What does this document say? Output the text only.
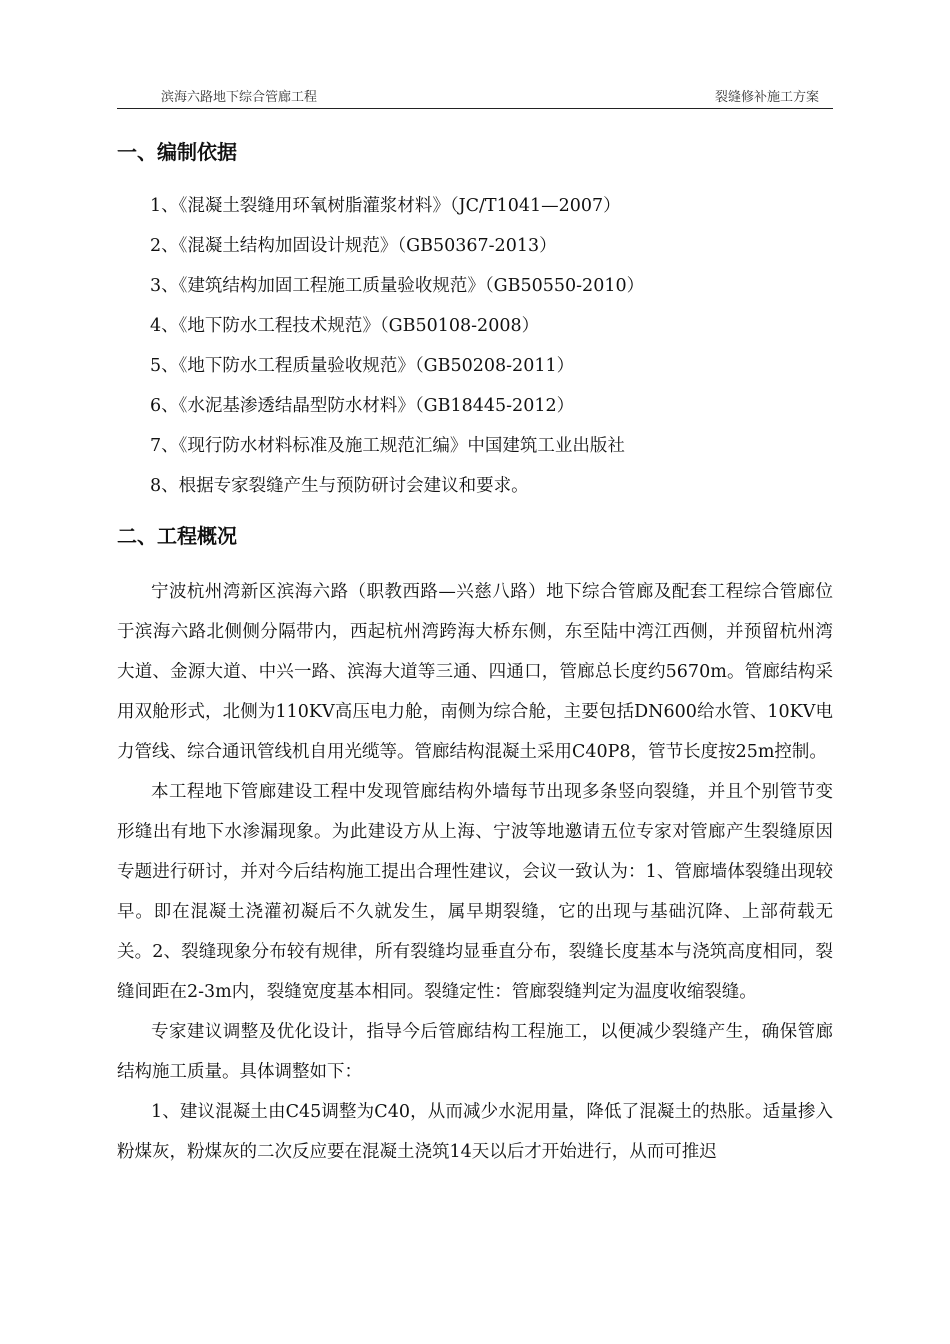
滨海六路地下综合管廊工程	裂缝修补施工方案
一、编制依据
1、《混凝土裂缝用环氧树脂灌浆材料》（JC/T1041—2007）
2、《混凝土结构加固设计规范》（GB50367-2013）
3、《建筑结构加固工程施工质量验收规范》（GB50550-2010）
4、《地下防水工程技术规范》（GB50108-2008）
5、《地下防水工程质量验收规范》（GB50208-2011）
6、《水泥基渗透结晶型防水材料》（GB18445-2012）
7、《现行防水材料标准及施工规范汇编》中国建筑工业出版社
8、根据专家裂缝产生与预防研讨会建议和要求。
二、工程概况

宁波杭州湾新区滨海六路（职教西路—兴慈八路）地下综合管廊及配套工程综合管廊位于滨海六路北侧侧分隔带内，西起杭州湾跨海大桥东侧，东至陆中湾江西侧，并预留杭州湾大道、金源大道、中兴一路、滨海大道等三通、四通口，管廊总长度约5670m。管廊结构采用双舱形式，北侧为110KV高压电力舱，南侧为综合舱，主要包括DN600给水管、10KV电力管线、综合通讯管线机自用光缆等。管廊结构混凝土采用C40P8，管节长度按25m控制。

本工程地下管廊建设工程中发现管廊结构外墙每节出现多条竖向裂缝，并且个别管节变形缝出有地下水渗漏现象。为此建设方从上海、宁波等地邀请五位专家对管廊产生裂缝原因专题进行研讨，并对今后结构施工提出合理性建议，会议一致认为：1、管廊墙体裂缝出现较早。即在混凝土浇灌初凝后不久就发生，属早期裂缝，它的出现与基础沉降、上部荷载无关。2、裂缝现象分布较有规律，所有裂缝均显垂直分布，裂缝长度基本与浇筑高度相同，裂缝间距在2-3m内，裂缝宽度基本相同。裂缝定性：管廊裂缝判定为温度收缩裂缝。

专家建议调整及优化设计，指导今后管廊结构工程施工，以便减少裂缝产生，确保管廊结构施工质量。具体调整如下：

1、建议混凝土由C45调整为C40，从而减少水泥用量，降低了混凝土的热胀。适量掺入粉煤灰，粉煤灰的二次反应要在混凝土浇筑14天以后才开始进行，从而可推迟
